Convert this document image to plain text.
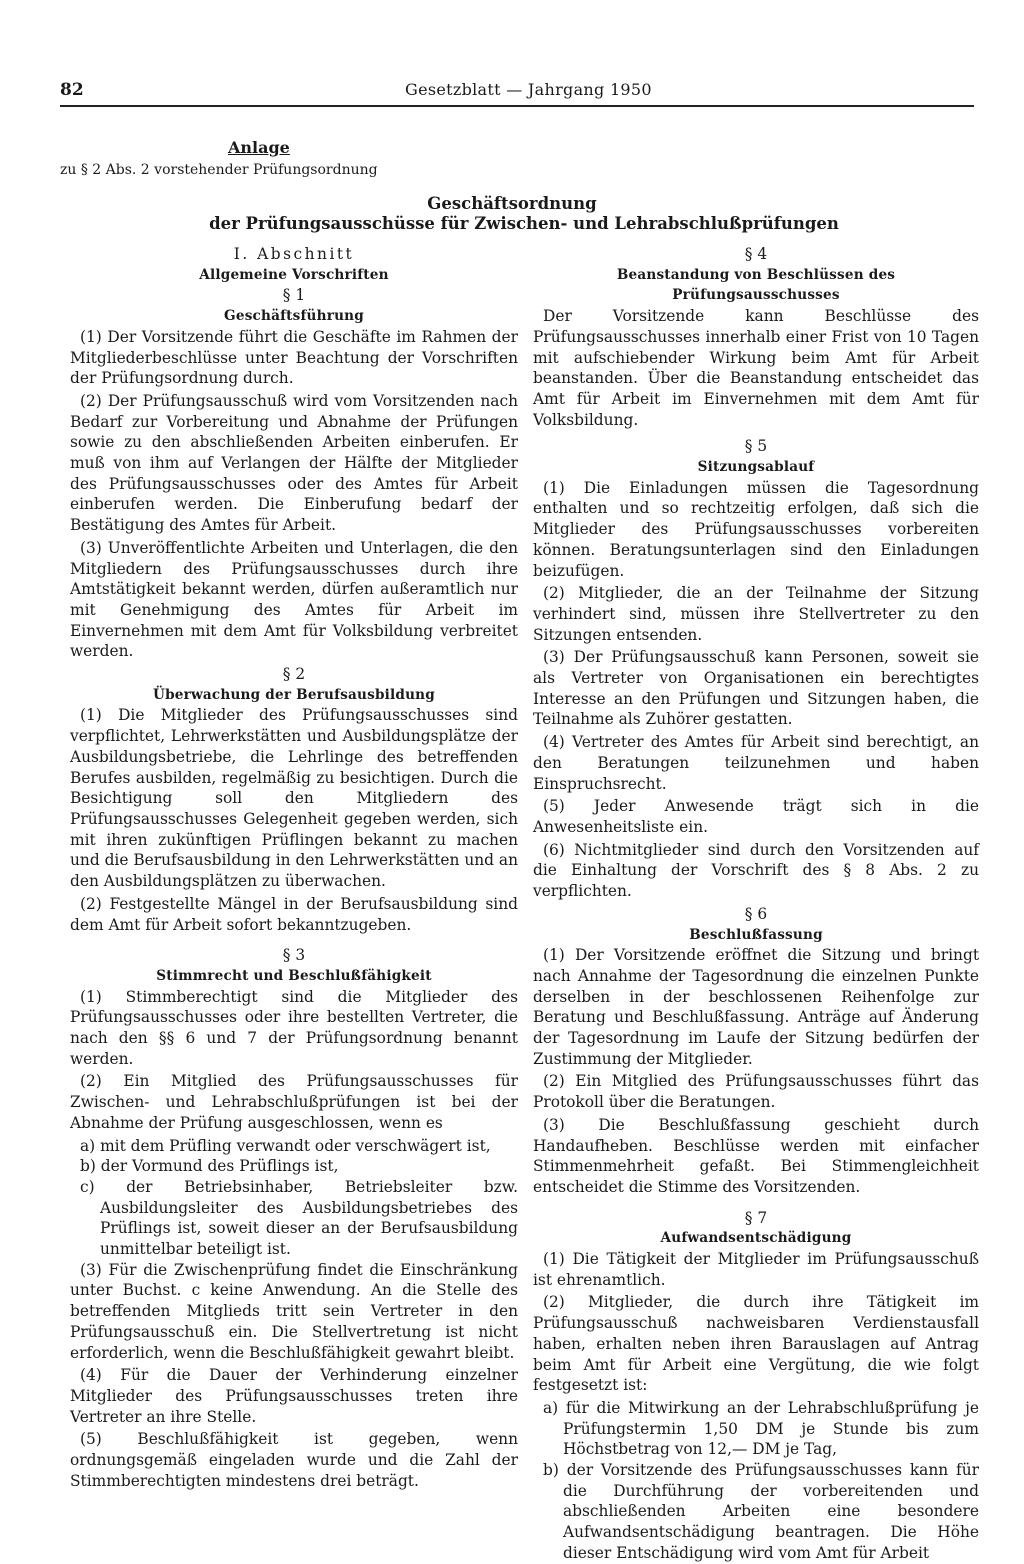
82	Gesetzblatt — Jahrgang 1950
Anlage
zu § 2 Abs. 2 vorstehender Prüfungsordnung
Geschäftsordnung
der Prüfungsausschüsse für Zwischen- und Lehrabschlußprüfungen
I. Abschnitt
Allgemeine Vorschriften
§ 1
Geschäftsführung

(1) Der Vorsitzende führt die Geschäfte im Rahmen der Mitgliederbeschlüsse unter Beachtung der Vorschriften der Prüfungsordnung durch.

(2) Der Prüfungsausschuß wird vom Vorsitzenden nach Bedarf zur Vorbereitung und Abnahme der Prüfungen sowie zu den abschließenden Arbeiten einberufen. Er muß von ihm auf Verlangen der Hälfte der Mitglieder des Prüfungsausschusses oder des Amtes für Arbeit einberufen werden. Die Einberufung bedarf der Bestätigung des Amtes für Arbeit.

(3) Unveröffentlichte Arbeiten und Unterlagen, die den Mitgliedern des Prüfungsausschusses durch ihre Amtstätigkeit bekannt werden, dürfen außeramtlich nur mit Genehmigung des Amtes für Arbeit im Einvernehmen mit dem Amt für Volksbildung verbreitet werden.

§ 2
Überwachung der Berufsausbildung

(1) Die Mitglieder des Prüfungsausschusses sind verpflichtet, Lehrwerkstätten und Ausbildungsplätze der Ausbildungsbetriebe, die Lehrlinge des betreffenden Berufes ausbilden, regelmäßig zu besichtigen. Durch die Besichtigung soll den Mitgliedern des Prüfungsausschusses Gelegenheit gegeben werden, sich mit ihren zukünftigen Prüflingen bekannt zu machen und die Berufsausbildung in den Lehrwerkstätten und an den Ausbildungsplätzen zu überwachen.

(2) Festgestellte Mängel in der Berufsausbildung sind dem Amt für Arbeit sofort bekanntzugeben.

§ 3
Stimmrecht und Beschlußfähigkeit

(1) Stimmberechtigt sind die Mitglieder des Prüfungsausschusses oder ihre bestellten Vertreter, die nach den §§ 6 und 7 der Prüfungsordnung benannt werden.

(2) Ein Mitglied des Prüfungsausschusses für Zwischen- und Lehrabschlußprüfungen ist bei der Abnahme der Prüfung ausgeschlossen, wenn es

a) mit dem Prüfling verwandt oder verschwägert ist,

b) der Vormund des Prüflings ist,

c) der Betriebsinhaber, Betriebsleiter bzw. Ausbildungsleiter des Ausbildungsbetriebes des Prüflings ist, soweit dieser an der Berufsausbildung unmittelbar beteiligt ist.

(3) Für die Zwischenprüfung findet die Einschränkung unter Buchst. c keine Anwendung. An die Stelle des betreffenden Mitglieds tritt sein Vertreter in den Prüfungsausschuß ein. Die Stellvertretung ist nicht erforderlich, wenn die Beschlußfähigkeit gewahrt bleibt.

(4) Für die Dauer der Verhinderung einzelner Mitglieder des Prüfungsausschusses treten ihre Vertreter an ihre Stelle.

(5) Beschlußfähigkeit ist gegeben, wenn ordnungsgemäß eingeladen wurde und die Zahl der Stimmberechtigten mindestens drei beträgt.

§ 4
Beanstandung von Beschlüssen des Prüfungsausschusses

Der Vorsitzende kann Beschlüsse des Prüfungsausschusses innerhalb einer Frist von 10 Tagen mit aufschiebender Wirkung beim Amt für Arbeit beanstanden. Über die Beanstandung entscheidet das Amt für Arbeit im Einvernehmen mit dem Amt für Volksbildung.

§ 5
Sitzungsablauf

(1) Die Einladungen müssen die Tagesordnung enthalten und so rechtzeitig erfolgen, daß sich die Mitglieder des Prüfungsausschusses vorbereiten können. Beratungsunterlagen sind den Einladungen beizufügen.

(2) Mitglieder, die an der Teilnahme der Sitzung verhindert sind, müssen ihre Stellvertreter zu den Sitzungen entsenden.

(3) Der Prüfungsausschuß kann Personen, soweit sie als Vertreter von Organisationen ein berechtigtes Interesse an den Prüfungen und Sitzungen haben, die Teilnahme als Zuhörer gestatten.

(4) Vertreter des Amtes für Arbeit sind berechtigt, an den Beratungen teilzunehmen und haben Einspruchsrecht.

(5) Jeder Anwesende trägt sich in die Anwesenheitsliste ein.

(6) Nichtmitglieder sind durch den Vorsitzenden auf die Einhaltung der Vorschrift des § 8 Abs. 2 zu verpflichten.

§ 6
Beschlußfassung

(1) Der Vorsitzende eröffnet die Sitzung und bringt nach Annahme der Tagesordnung die einzelnen Punkte derselben in der beschlossenen Reihenfolge zur Beratung und Beschlußfassung. Anträge auf Änderung der Tagesordnung im Laufe der Sitzung bedürfen der Zustimmung der Mitglieder.

(2) Ein Mitglied des Prüfungsausschusses führt das Protokoll über die Beratungen.

(3) Die Beschlußfassung geschieht durch Handaufheben. Beschlüsse werden mit einfacher Stimmenmehrheit gefaßt. Bei Stimmengleichheit entscheidet die Stimme des Vorsitzenden.

§ 7
Aufwandsentschädigung

(1) Die Tätigkeit der Mitglieder im Prüfungsausschuß ist ehrenamtlich.

(2) Mitglieder, die durch ihre Tätigkeit im Prüfungsausschuß nachweisbaren Verdienstausfall haben, erhalten neben ihren Barauslagen auf Antrag beim Amt für Arbeit eine Vergütung, die wie folgt festgesetzt ist:

a) für die Mitwirkung an der Lehrabschlußprüfung je Prüfungstermin 1,50 DM je Stunde bis zum Höchstbetrag von 12,— DM je Tag,

b) der Vorsitzende des Prüfungsausschusses kann für die Durchführung der vorbereitenden und abschließenden Arbeiten eine besondere Aufwandsentschädigung beantragen. Die Höhe dieser Entschädigung wird vom Amt für Arbeit
